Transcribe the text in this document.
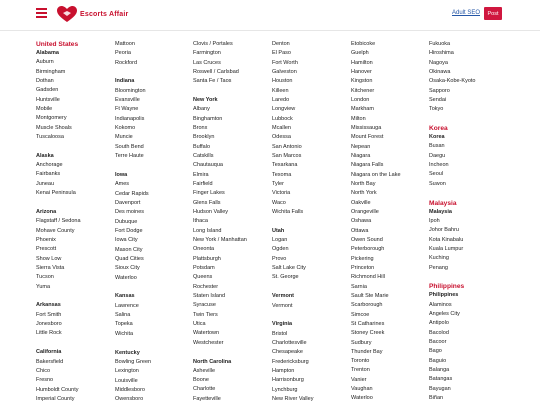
Escorts Affair	Adult SEO	Post
United States
Alabama
Auburn
Birmingham
Dothan
Gadsden
Huntsville
Mobile
Montgomery
Muscle Shoals
Tuscaloosa
Alaska
Anchorage
Fairbanks
Juneau
Kenai Peninsula
Arizona
Flagstaff / Sedona
Mohave County
Phoenix
Prescott
Show Low
Sierra Vista
Tucson
Yuma
Arkansas
Fort Smith
Jonesboro
Little Rock
California
Bakersfield
Chico
Fresno
Humboldt County
Imperial County
Mattoon
Peoria
Rockford
Indiana
Bloomington
Evansville
Ft Wayne
Indianapolis
Kokomo
Muncie
South Bend
Terre Haute
Iowa
Ames
Cedar Rapids
Davenport
Des moines
Dubuque
Fort Dodge
Iowa City
Mason City
Quad Cities
Sioux City
Waterloo
Kansas
Lawrence
Salina
Topeka
Wichita
Kentucky
Bowling Green
Lexington
Louisville
Middlesboro
Owensboro
Clovis / Portales
Farmington
Las Cruces
Roswell / Carlsbad
Santa Fe / Taos
New York
Albany
Binghamton
Bronx
Brooklyn
Buffalo
Catskills
Chautauqua
Elmira
Fairfield
Finger Lakes
Glens Falls
Hudson Valley
Ithaca
Long Island
New York / Manhattan
Oneonta
Plattsburgh
Potsdam
Queens
Rochester
Staten Island
Syracuse
Twin Tiers
Utica
Watertown
Westchester
North Carolina
Asheville
Boone
Charlotte
Fayetteville
Denton
El Paso
Fort Worth
Galveston
Houston
Killeen
Laredo
Longview
Lubbock
Mcallen
Odessa
San Antonio
San Marcos
Texarkana
Texoma
Tyler
Victoria
Waco
Wichita Falls
Utah
Logan
Ogden
Provo
Salt Lake City
St. George
Vermont
Vermont
Virginia
Bristol
Charlottesville
Chesapeake
Fredericksburg
Hampton
Harrisonburg
Lynchburg
New River Valley
Etobicoke
Guelph
Hamilton
Hanover
Kingston
Kitchener
London
Markham
Milton
Mississauga
Mount Forest
Nepean
Niagara
Niagara Falls
Niagara on the Lake
North Bay
North York
Oakville
Orangeville
Oshawa
Ottawa
Owen Sound
Peterborough
Pickering
Princeton
Richmond Hill
Sarnia
Sault Ste Marie
Scarborough
Simcoe
St Catharines
Stoney Creek
Sudbury
Thunder Bay
Toronto
Trenton
Vanier
Vaughan
Waterloo
Fukuoka
Hiroshima
Nagoya
Okinawa
Osaka-Kobe-Kyoto
Sapporo
Sendai
Tokyo
Korea
Korea
Busan
Daegu
Incheon
Seoul
Suwon
Malaysia
Malaysia
Ipoh
Johor Bahru
Kota Kinabalu
Kuala Lumpur
Kuching
Penang
Philippines
Philippines
Alaminos
Angeles City
Antipolo
Bacolod
Bacoor
Bago
Baguio
Balanga
Batangas
Bayugan
Biñan
